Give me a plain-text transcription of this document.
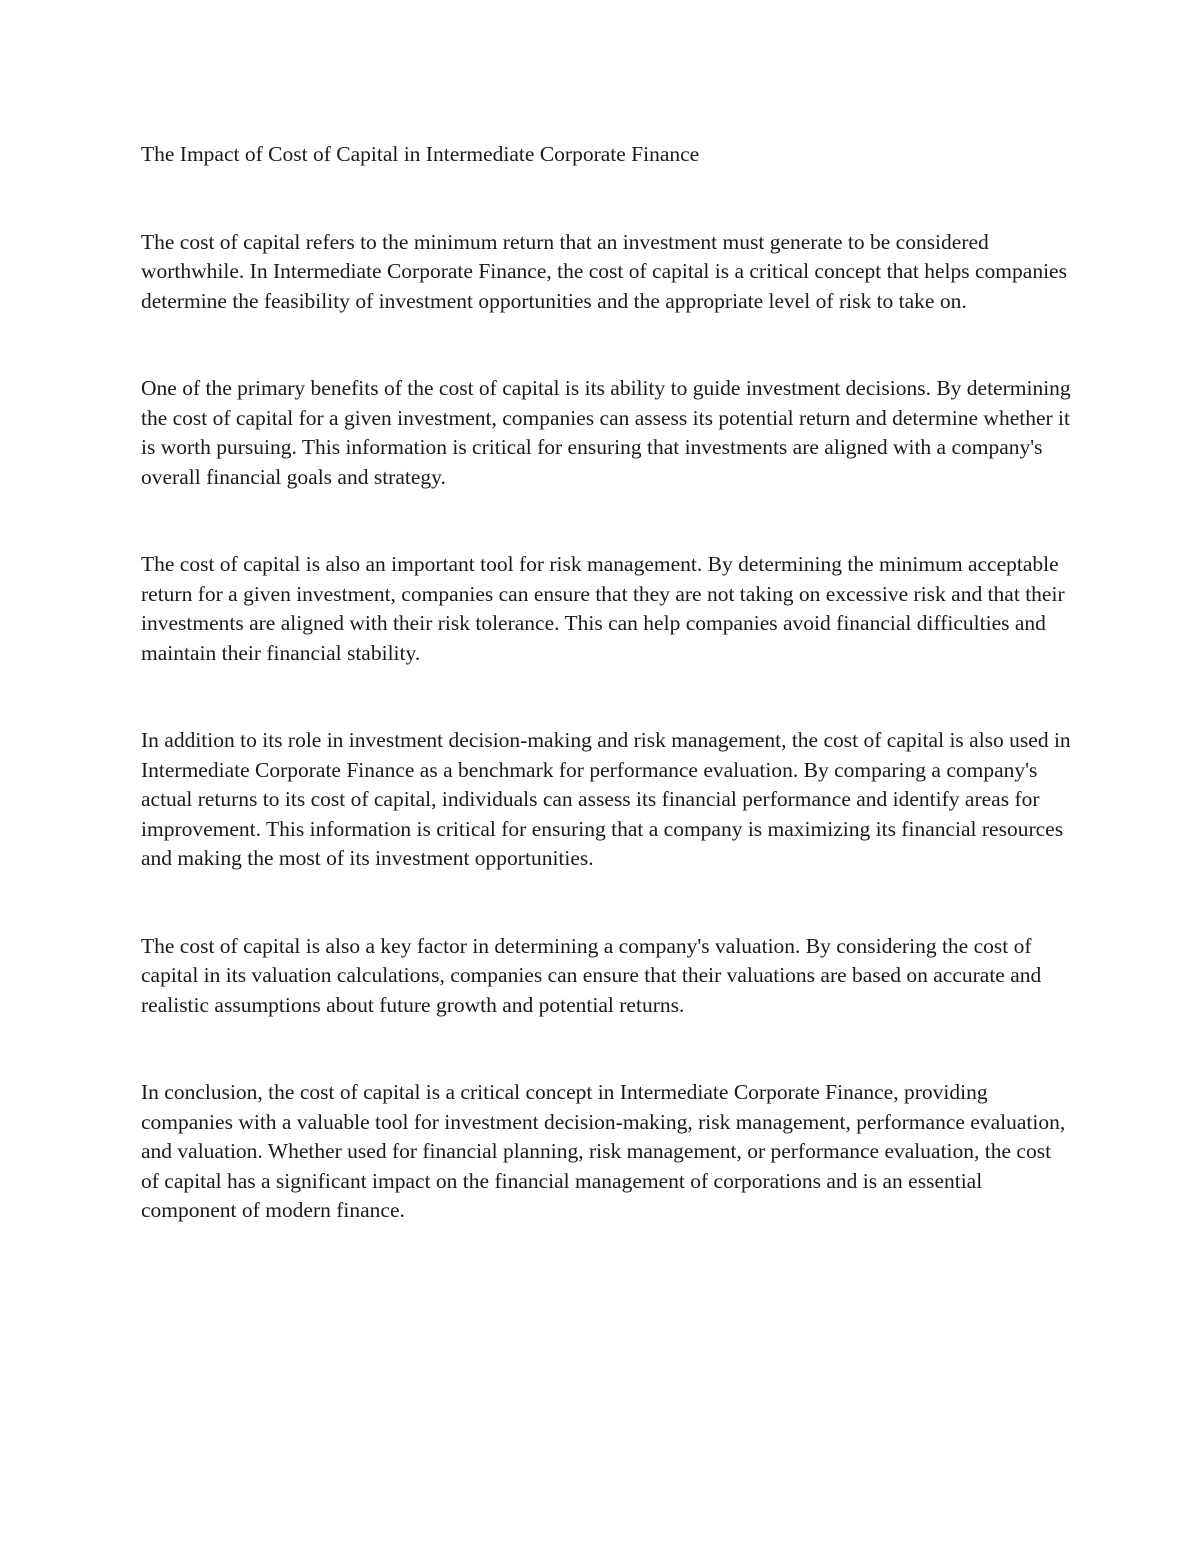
The Impact of Cost of Capital in Intermediate Corporate Finance

The cost of capital refers to the minimum return that an investment must generate to be considered worthwhile. In Intermediate Corporate Finance, the cost of capital is a critical concept that helps companies determine the feasibility of investment opportunities and the appropriate level of risk to take on.

One of the primary benefits of the cost of capital is its ability to guide investment decisions. By determining the cost of capital for a given investment, companies can assess its potential return and determine whether it is worth pursuing. This information is critical for ensuring that investments are aligned with a company's overall financial goals and strategy.

The cost of capital is also an important tool for risk management. By determining the minimum acceptable return for a given investment, companies can ensure that they are not taking on excessive risk and that their investments are aligned with their risk tolerance. This can help companies avoid financial difficulties and maintain their financial stability.

In addition to its role in investment decision-making and risk management, the cost of capital is also used in Intermediate Corporate Finance as a benchmark for performance evaluation. By comparing a company's actual returns to its cost of capital, individuals can assess its financial performance and identify areas for improvement. This information is critical for ensuring that a company is maximizing its financial resources and making the most of its investment opportunities.

The cost of capital is also a key factor in determining a company's valuation. By considering the cost of capital in its valuation calculations, companies can ensure that their valuations are based on accurate and realistic assumptions about future growth and potential returns.

In conclusion, the cost of capital is a critical concept in Intermediate Corporate Finance, providing companies with a valuable tool for investment decision-making, risk management, performance evaluation, and valuation. Whether used for financial planning, risk management, or performance evaluation, the cost of capital has a significant impact on the financial management of corporations and is an essential component of modern finance.
